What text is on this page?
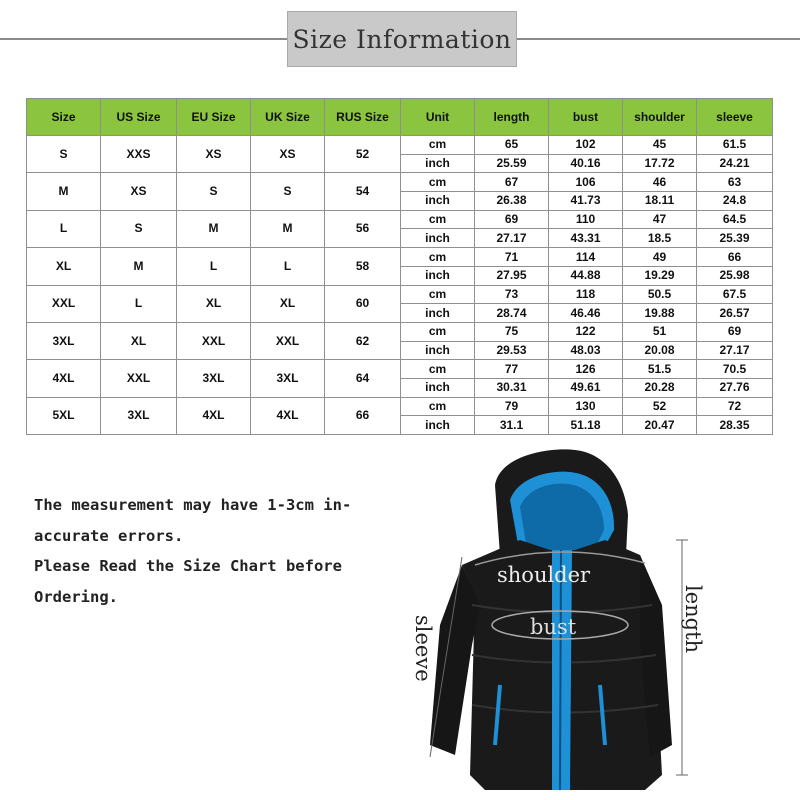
Size Information
Size	US Size	EU Size	UK Size	RUS Size	Unit	length	bust	shoulder	sleeve
S	XXS	XS	XS	52	cm	65	102	45	61.5
					inch	25.59	40.16	17.72	24.21
M	XS	S	S	54	cm	67	106	46	63
					inch	26.38	41.73	18.11	24.8
L	S	M	M	56	cm	69	110	47	64.5
					inch	27.17	43.31	18.5	25.39
XL	M	L	L	58	cm	71	114	49	66
					inch	27.95	44.88	19.29	25.98
XXL	L	XL	XL	60	cm	73	118	50.5	67.5
					inch	28.74	46.46	19.88	26.57
3XL	XL	XXL	XXL	62	cm	75	122	51	69
					inch	29.53	48.03	20.08	27.17
4XL	XXL	3XL	3XL	64	cm	77	126	51.5	70.5
					inch	30.31	49.61	20.28	27.76
5XL	3XL	4XL	4XL	66	cm	79	130	52	72
					inch	31.1	51.18	20.47	28.35
The measurement may have 1-3cm in-
accurate errors.
Please Read the Size Chart before
Ordering.
shoulder
bust	length
sleeve
